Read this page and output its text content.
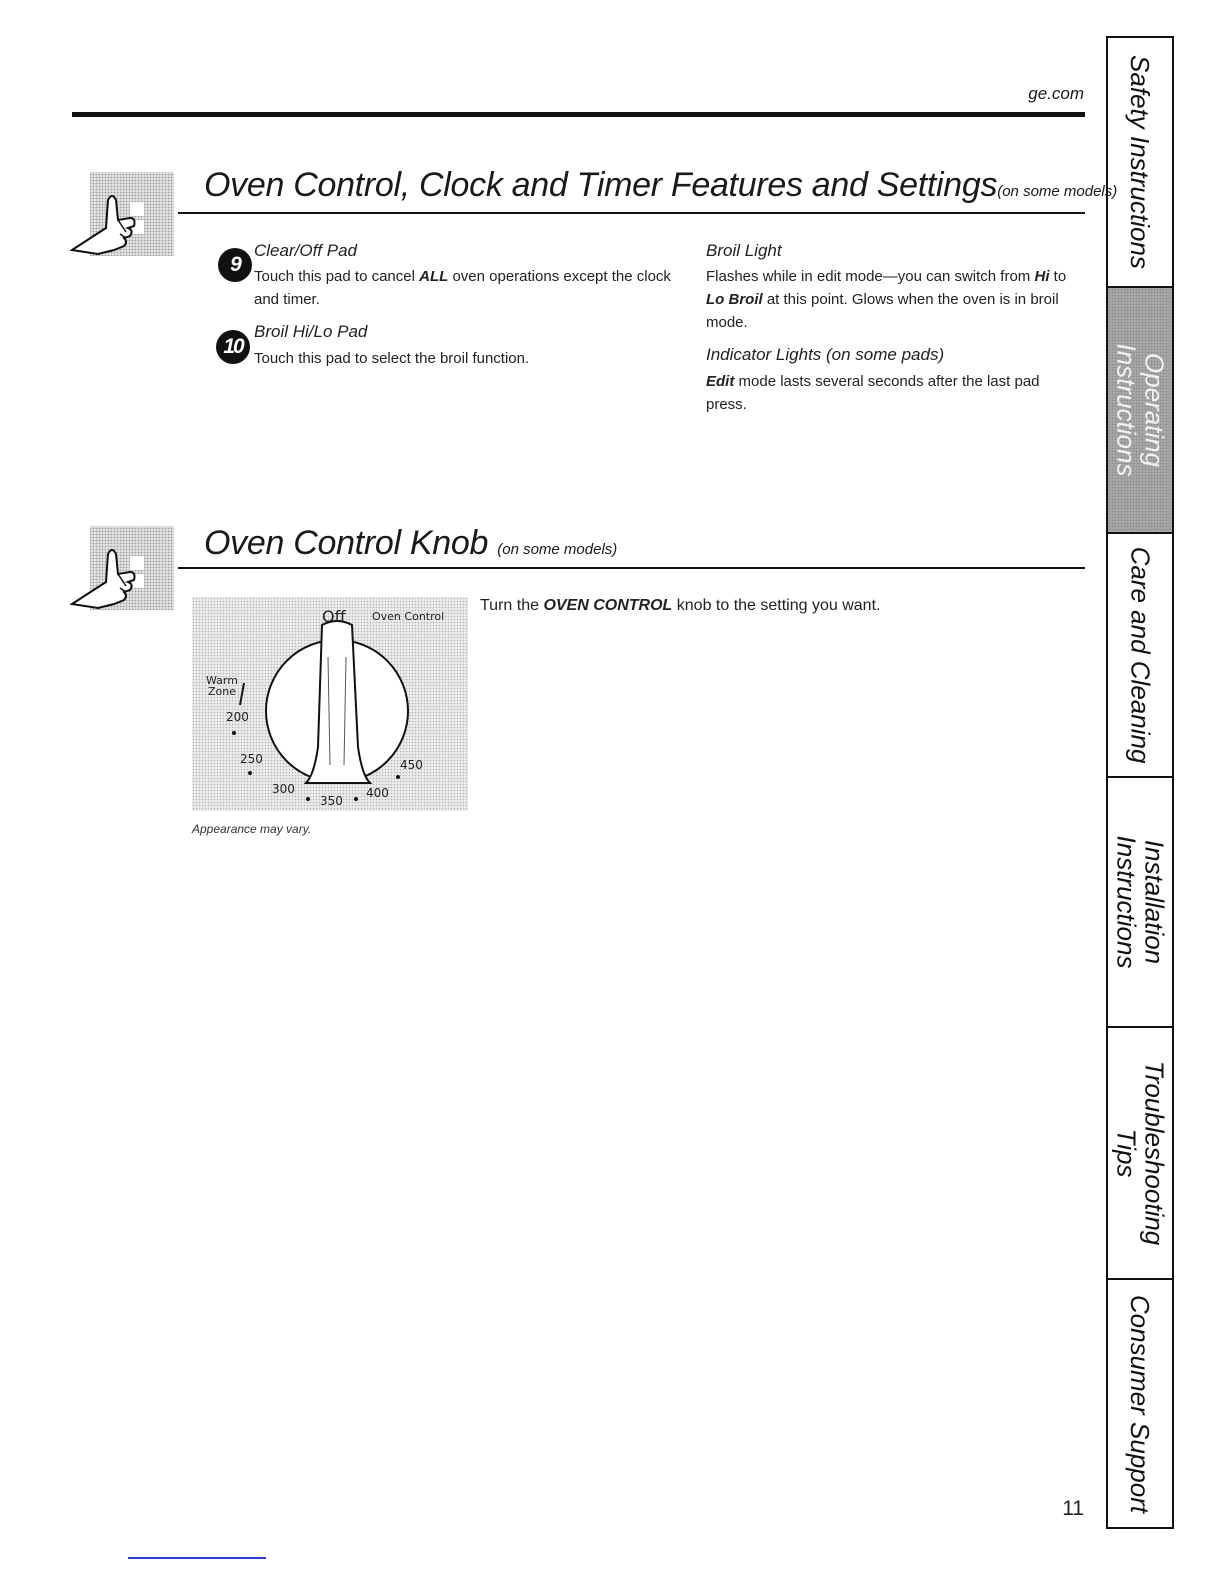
ge.com
Oven Control, Clock and Timer Features and Settings(on some models)
9
Clear/Off Pad
Touch this pad to cancel ALL oven operations except the clock and timer.
10
Broil Hi/Lo Pad
Touch this pad to select the broil function.
Broil Light
Flashes while in edit mode—you can switch from Hi to Lo Broil at this point. Glows when the oven is in broil mode.
Indicator Lights (on some pads)
Edit mode lasts several seconds after the last pad press.
Oven Control Knob (on some models)
Off Oven Control
Warm
Zone
200
250
300
350
400
450
Appearance may vary.
Turn the OVEN CONTROL knob to the setting you want.
11
Safety Instructions
Operating
Instructions
Care and Cleaning
Installation
Instructions
Troubleshooting
Tips
Consumer Support
